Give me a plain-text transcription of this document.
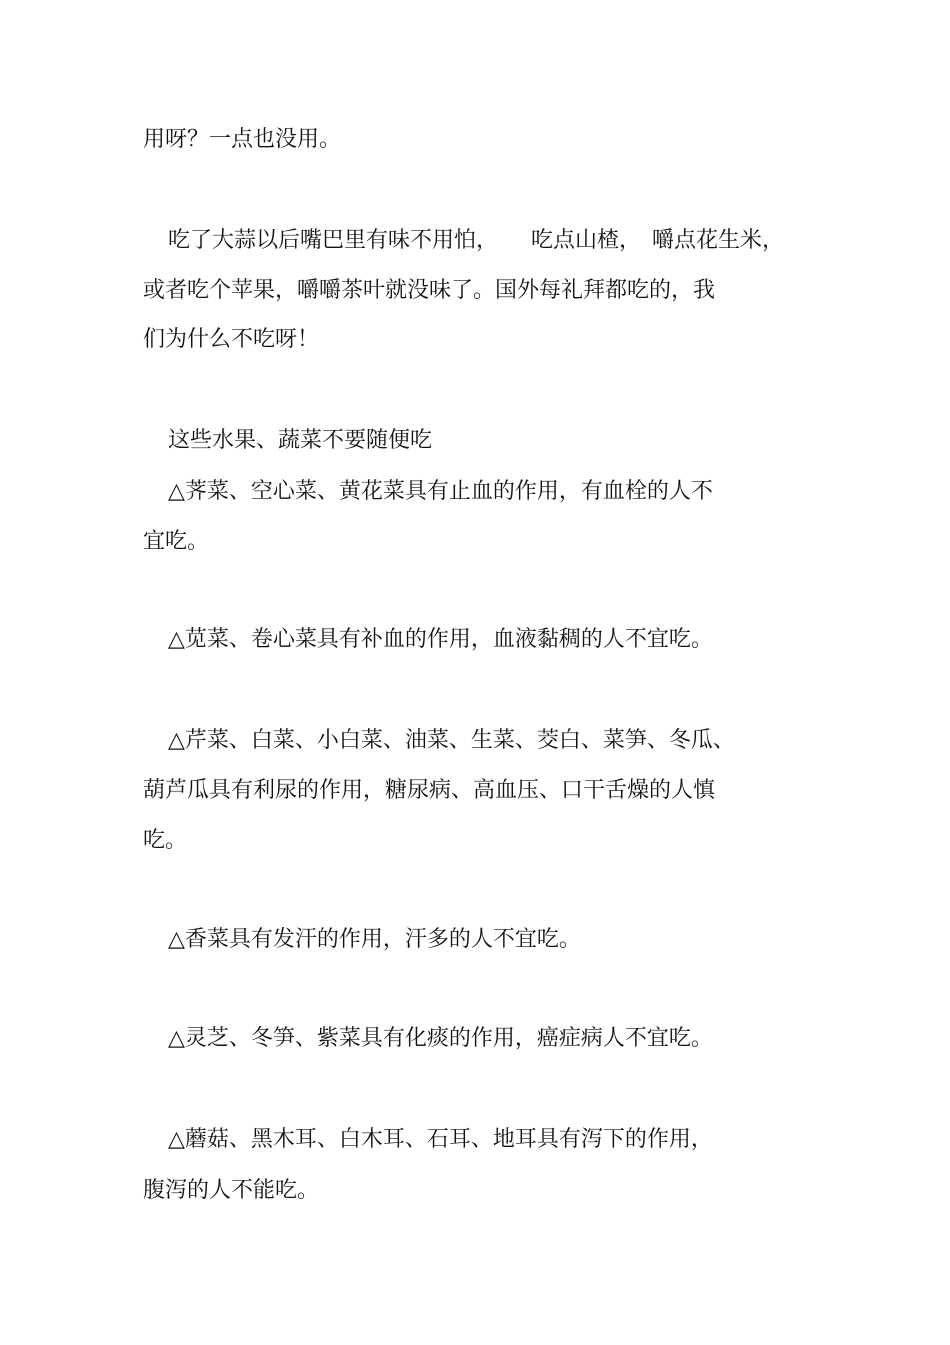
用呀？一点也没用。

吃了大蒜以后嘴巴里有味不用怕，　　吃点山楂，　嚼点花生米，

或者吃个苹果，嚼嚼茶叶就没味了。国外每礼拜都吃的，我

们为什么不吃呀！

这些水果、蔬菜不要随便吃

△荠菜、空心菜、黄花菜具有止血的作用，有血栓的人不

宜吃。

△苋菜、卷心菜具有补血的作用，血液黏稠的人不宜吃。

△芹菜、白菜、小白菜、油菜、生菜、茭白、菜笋、冬瓜、

葫芦瓜具有利尿的作用，糖尿病、高血压、口干舌燥的人慎

吃。

△香菜具有发汗的作用，汗多的人不宜吃。

△灵芝、冬笋、紫菜具有化痰的作用，癌症病人不宜吃。

△蘑菇、黑木耳、白木耳、石耳、地耳具有泻下的作用，

腹泻的人不能吃。
